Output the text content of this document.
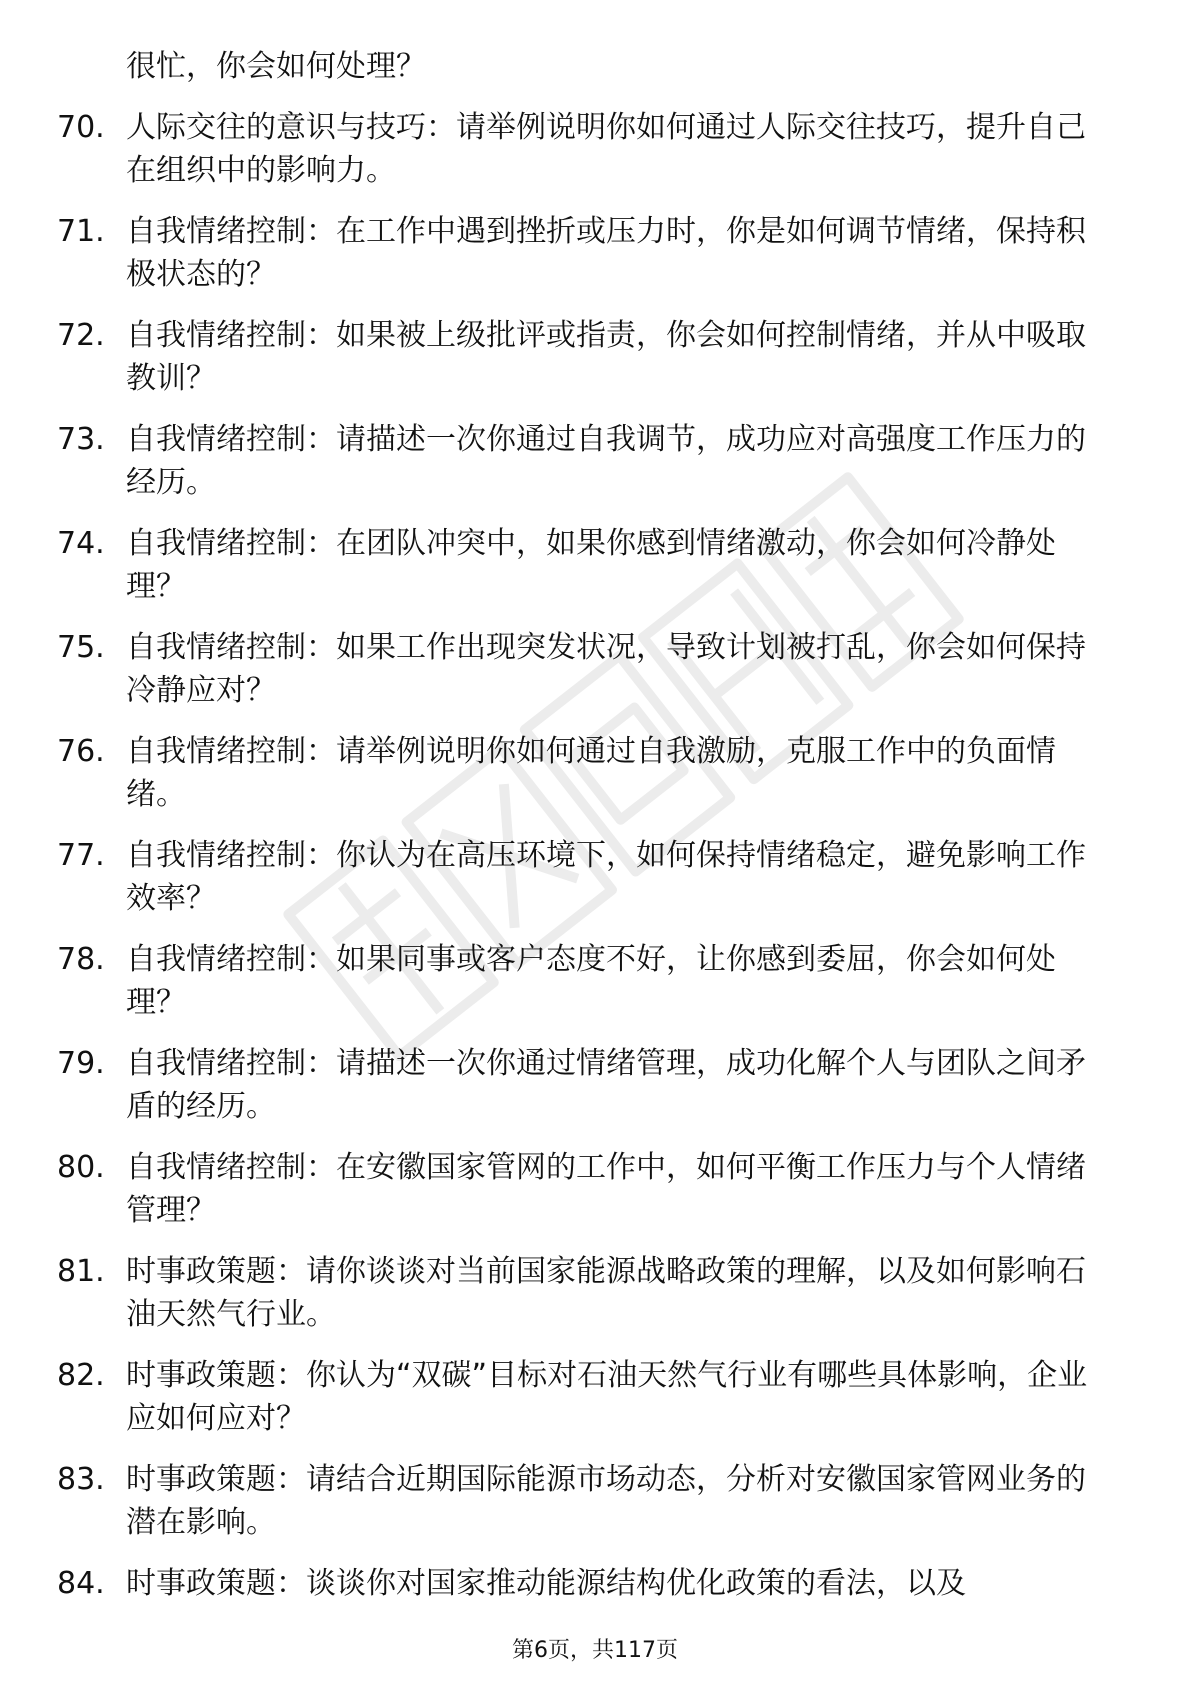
很忙，你会如何处理？
70. 人际交往的意识与技巧：请举例说明你如何通过人际交往技巧，提升自己在组织中的影响力。
71. 自我情绪控制：在工作中遇到挫折或压力时，你是如何调节情绪，保持积极状态的？
72. 自我情绪控制：如果被上级批评或指责，你会如何控制情绪，并从中吸取教训？
73. 自我情绪控制：请描述一次你通过自我调节，成功应对高强度工作压力的经历。
74. 自我情绪控制：在团队冲突中，如果你感到情绪激动，你会如何冷静处理？
75. 自我情绪控制：如果工作出现突发状况，导致计划被打乱，你会如何保持冷静应对？
76. 自我情绪控制：请举例说明你如何通过自我激励，克服工作中的负面情绪。
77. 自我情绪控制：你认为在高压环境下，如何保持情绪稳定，避免影响工作效率？
78. 自我情绪控制：如果同事或客户态度不好，让你感到委屈，你会如何处理？
79. 自我情绪控制：请描述一次你通过情绪管理，成功化解个人与团队之间矛盾的经历。
80. 自我情绪控制：在安徽国家管网的工作中，如何平衡工作压力与个人情绪管理？
81. 时事政策题：请你谈谈对当前国家能源战略政策的理解，以及如何影响石油天然气行业。
82. 时事政策题：你认为“双碳”目标对石油天然气行业有哪些具体影响，企业应如何应对？
83. 时事政策题：请结合近期国际能源市场动态，分析对安徽国家管网业务的潜在影响。
84. 时事政策题：谈谈你对国家推动能源结构优化政策的看法，以及
第6页，共117页
